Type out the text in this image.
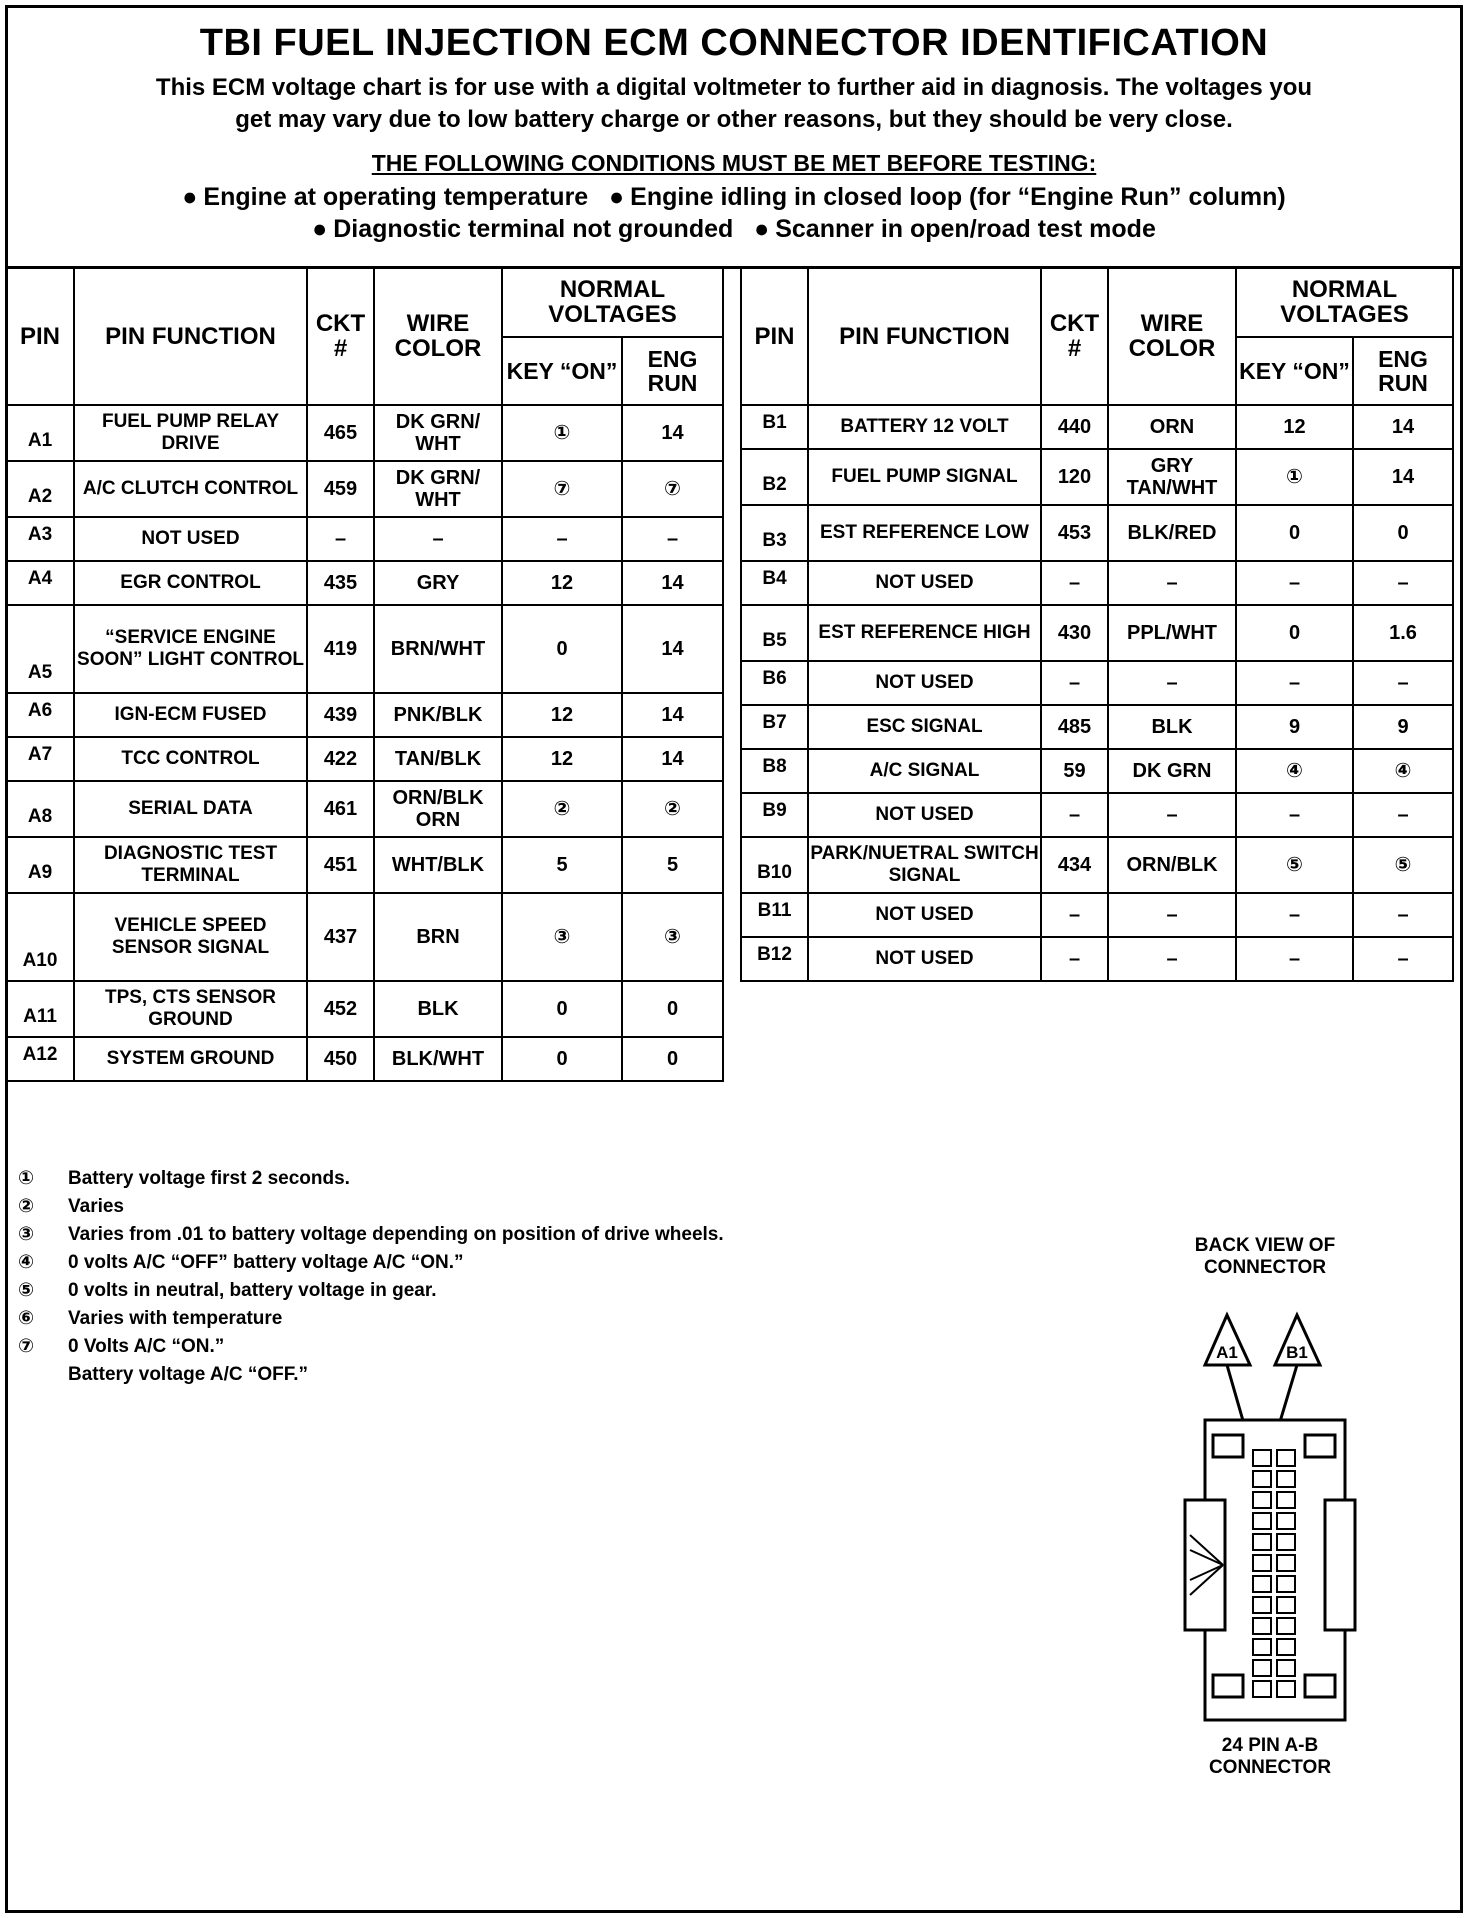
TBI FUEL INJECTION ECM CONNECTOR IDENTIFICATION
This ECM voltage chart is for use with a digital voltmeter to further aid in diagnosis. The voltages you
get may vary due to low battery charge or other reasons, but they should be very close.
THE FOLLOWING CONDITIONS MUST BE MET BEFORE TESTING:
● Engine at operating temperature ● Engine idling in closed loop (for “Engine Run” column)
● Diagnostic terminal not grounded ● Scanner in open/road test mode
PIN	PIN FUNCTION	CKT #	WIRE COLOR	NORMAL VOLTAGES	
				KEY “ON”	ENG RUN
A1	FUEL PUMP RELAY DRIVE	465	DK GRN/ WHT	①	14
A2	A/C CLUTCH CONTROL	459	DK GRN/ WHT	⑦	⑦
A3	NOT USED	–	–	–	–
A4	EGR CONTROL	435	GRY	12	14
A5	“SERVICE ENGINE SOON” LIGHT CONTROL	419	BRN/WHT	0	14
A6	IGN-ECM FUSED	439	PNK/BLK	12	14
A7	TCC CONTROL	422	TAN/BLK	12	14
A8	SERIAL DATA	461	ORN/BLK ORN	②	②
A9	DIAGNOSTIC TEST TERMINAL	451	WHT/BLK	5	5
A10	VEHICLE SPEED SENSOR SIGNAL	437	BRN	③	③
A11	TPS, CTS SENSOR GROUND	452	BLK	0	0
A12	SYSTEM GROUND	450	BLK/WHT	0	0
PIN	PIN FUNCTION	CKT #	WIRE COLOR	NORMAL VOLTAGES	
				KEY “ON”	ENG RUN
B1	BATTERY 12 VOLT	440	ORN	12	14
B2	FUEL PUMP SIGNAL	120	GRY TAN/WHT	①	14
B3	EST REFERENCE LOW	453	BLK/RED	0	0
B4	NOT USED	–	–	–	–
B5	EST REFERENCE HIGH	430	PPL/WHT	0	1.6
B6	NOT USED	–	–	–	–
B7	ESC SIGNAL	485	BLK	9	9
B8	A/C SIGNAL	59	DK GRN	④	④
B9	NOT USED	–	–	–	–
B10	PARK/NUETRAL SWITCH SIGNAL	434	ORN/BLK	⑤	⑤
B11	NOT USED	–	–	–	–
B12	NOT USED	–	–	–	–
①	Battery voltage first 2 seconds.
②	Varies
③	Varies from .01 to battery voltage depending on position of drive wheels.
④	0 volts A/C “OFF” battery voltage A/C “ON.”
⑤	0 volts in neutral, battery voltage in gear.
⑥	Varies with temperature
⑦	0 Volts A/C “ON.”
Battery voltage A/C “OFF.”
BACK VIEW OF CONNECTOR
A1	B1
24 PIN A-B CONNECTOR
